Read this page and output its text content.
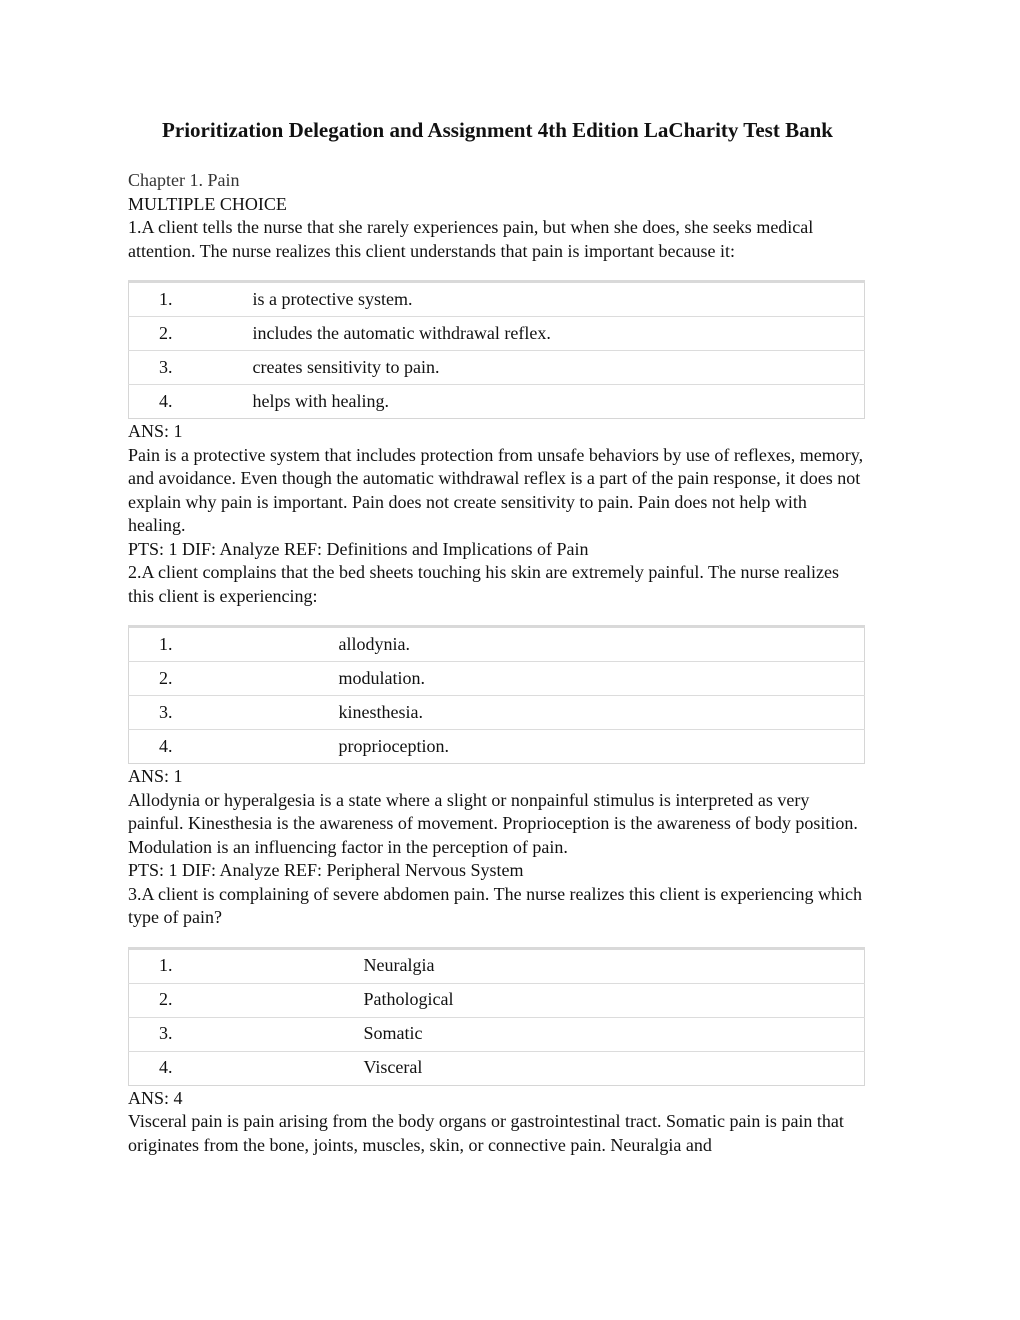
Prioritization Delegation and Assignment 4th Edition LaCharity Test Bank

Chapter 1. Pain

MULTIPLE CHOICE

1.A client tells the nurse that she rarely experiences pain, but when she does, she seeks medical attention. The nurse realizes this client understands that pain is important because it:

1.	is a protective system.
2.	includes the automatic withdrawal reflex.
3.	creates sensitivity to pain.
4.	helps with healing.

ANS: 1

Pain is a protective system that includes protection from unsafe behaviors by use of reflexes, memory, and avoidance. Even though the automatic withdrawal reflex is a part of the pain response, it does not explain why pain is important. Pain does not create sensitivity to pain. Pain does not help with healing.

PTS: 1 DIF: Analyze REF: Definitions and Implications of Pain

2.A client complains that the bed sheets touching his skin are extremely painful. The nurse realizes this client is experiencing:

1.	allodynia.
2.	modulation.
3.	kinesthesia.
4.	proprioception.

ANS: 1

Allodynia or hyperalgesia is a state where a slight or nonpainful stimulus is interpreted as very painful. Kinesthesia is the awareness of movement. Proprioception is the awareness of body position. Modulation is an influencing factor in the perception of pain.

PTS: 1 DIF: Analyze REF: Peripheral Nervous System

3.A client is complaining of severe abdomen pain. The nurse realizes this client is experiencing which type of pain?

1.	Neuralgia
2.	Pathological
3.	Somatic
4.	Visceral

ANS: 4

Visceral pain is pain arising from the body organs or gastrointestinal tract. Somatic pain is pain that originates from the bone, joints, muscles, skin, or connective pain. Neuralgia and
